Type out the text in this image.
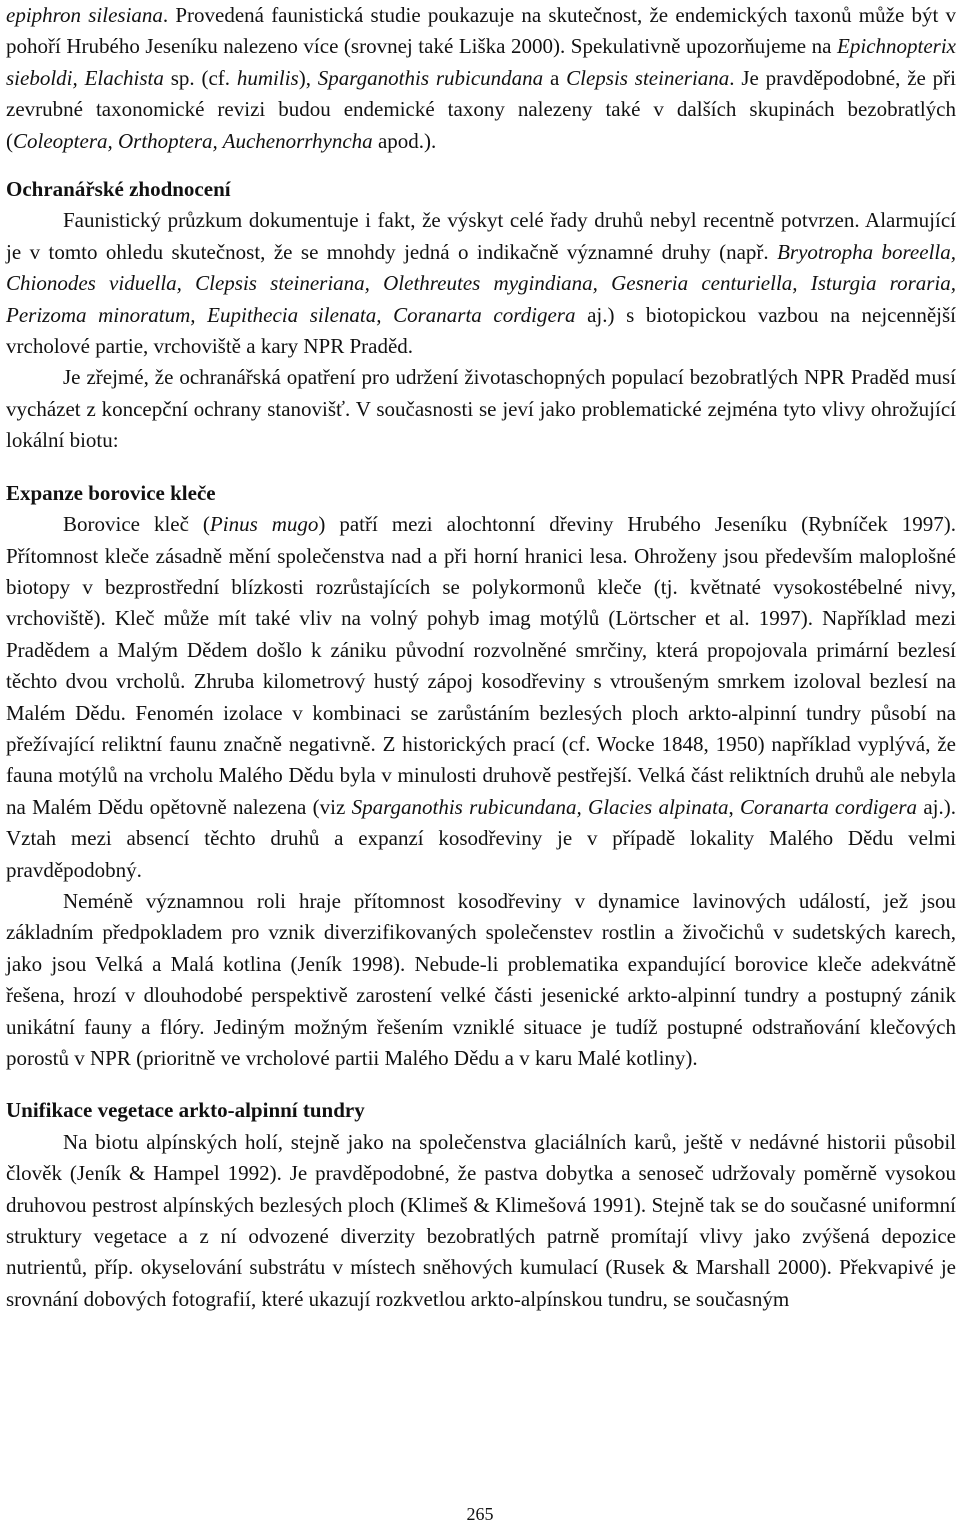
epiphron silesiana. Provedená faunistická studie poukazuje na skutečnost, že endemických taxonů může být v pohoří Hrubého Jeseníku nalezeno více (srovnej také Liška 2000). Spekulativně upozorňujeme na Epichnopterix sieboldi, Elachista sp. (cf. humilis), Sparganothis rubicundana a Clepsis steineriana. Je pravděpodobné, že při zevrubné taxonomické revizi budou endemické taxony nalezeny také v dalších skupinách bezobratlých (Coleoptera, Orthoptera, Auchenorrhyncha apod.).

Ochranářské zhodnocení

Faunistický průzkum dokumentuje i fakt, že výskyt celé řady druhů nebyl recentně potvrzen. Alarmující je v tomto ohledu skutečnost, že se mnohdy jedná o indikačně významné druhy (např. Bryotropha boreella, Chionodes viduella, Clepsis steineriana, Olethreutes mygindiana, Gesneria centuriella, Isturgia roraria, Perizoma minoratum, Eupithecia silenata, Coranarta cordigera aj.) s biotopickou vazbou na nejcennější vrcholové partie, vrchoviště a kary NPR Praděd.

Je zřejmé, že ochranářská opatření pro udržení životaschopných populací bezobratlých NPR Praděd musí vycházet z koncepční ochrany stanovišť. V současnosti se jeví jako problematické zejména tyto vlivy ohrožující lokální biotu:

Expanze borovice kleče

Borovice kleč (Pinus mugo) patří mezi alochtonní dřeviny Hrubého Jeseníku (Rybníček 1997). Přítomnost kleče zásadně mění společenstva nad a při horní hranici lesa. Ohroženy jsou především maloplošné biotopy v bezprostřední blízkosti rozrůstajících se polykormonů kleče (tj. květnaté vysokostébelné nivy, vrchoviště). Kleč může mít také vliv na volný pohyb imag motýlů (Lörtscher et al. 1997). Například mezi Pradědem a Malým Dědem došlo k zániku původní rozvolněné smrčiny, která propojovala primární bezlesí těchto dvou vrcholů. Zhruba kilometrový hustý zápoj kosodřeviny s vtroušeným smrkem izoloval bezlesí na Malém Dědu. Fenomén izolace v kombinaci se zarůstáním bezlesých ploch arkto-alpinní tundry působí na přežívající reliktní faunu značně negativně. Z historických prací (cf. Wocke 1848, 1950) například vyplývá, že fauna motýlů na vrcholu Malého Dědu byla v minulosti druhově pestřejší. Velká část reliktních druhů ale nebyla na Malém Dědu opětovně nalezena (viz Sparganothis rubicundana, Glacies alpinata, Coranarta cordigera aj.). Vztah mezi absencí těchto druhů a expanzí kosodřeviny je v případě lokality Malého Dědu velmi pravděpodobný.

Neméně významnou roli hraje přítomnost kosodřeviny v dynamice lavinových událostí, jež jsou základním předpokladem pro vznik diverzifikovaných společenstev rostlin a živočichů v sudetských karech, jako jsou Velká a Malá kotlina (Jeník 1998). Nebude-li problematika expandující borovice kleče adekvátně řešena, hrozí v dlouhodobé perspektivě zarostení velké části jesenické arkto-alpinní tundry a postupný zánik unikátní fauny a flóry. Jediným možným řešením vzniklé situace je tudíž postupné odstraňování klečových porostů v NPR (prioritně ve vrcholové partii Malého Dědu a v karu Malé kotliny).

Unifikace vegetace arkto-alpinní tundry

Na biotu alpínských holí, stejně jako na společenstva glaciálních karů, ještě v nedávné historii působil člověk (Jeník & Hampel 1992). Je pravděpodobné, že pastva dobytka a senoseč udržovaly poměrně vysokou druhovou pestrost alpínských bezlesých ploch (Klimeš & Klimešová 1991). Stejně tak se do současné uniformní struktury vegetace a z ní odvozené diverzity bezobratlých patrně promítají vlivy jako zvýšená depozice nutrientů, příp. okyselování substrátu v místech sněhových kumulací (Rusek & Marshall 2000). Překvapivé je srovnání dobových fotografií, které ukazují rozkvetlou arkto-alpínskou tundru, se současným

265
